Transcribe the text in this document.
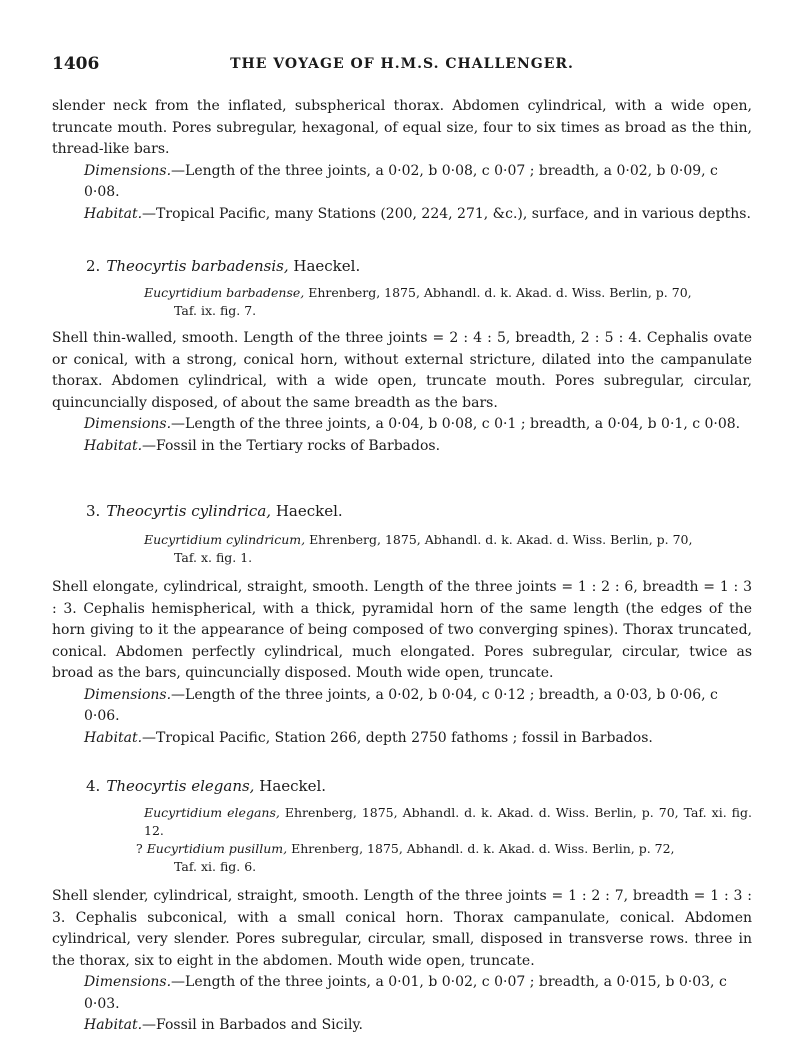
1406	THE VOYAGE OF H.M.S. CHALLENGER.

slender neck from the inflated, subspherical thorax. Abdomen cylindrical, with a wide open, truncate mouth. Pores subregular, hexagonal, of equal size, four to six times as broad as the thin, thread-like bars.

Dimensions.—Length of the three joints, a 0·02, b 0·08, c 0·07 ; breadth, a 0·02, b 0·09, c 0·08.

Habitat.—Tropical Pacific, many Stations (200, 224, 271, &c.), surface, and in various depths.

2. Theocyrtis barbadensis, Haeckel.

Eucyrtidium barbadense, Ehrenberg, 1875, Abhandl. d. k. Akad. d. Wiss. Berlin, p. 70,

Taf. ix. fig. 7.

Shell thin-walled, smooth. Length of the three joints = 2 : 4 : 5, breadth, 2 : 5 : 4. Cephalis ovate or conical, with a strong, conical horn, without external stricture, dilated into the campanulate thorax. Abdomen cylindrical, with a wide open, truncate mouth. Pores subregular, circular, quincuncially disposed, of about the same breadth as the bars.

Dimensions.—Length of the three joints, a 0·04, b 0·08, c 0·1 ; breadth, a 0·04, b 0·1, c 0·08.

Habitat.—Fossil in the Tertiary rocks of Barbados.

3. Theocyrtis cylindrica, Haeckel.

Eucyrtidium cylindricum, Ehrenberg, 1875, Abhandl. d. k. Akad. d. Wiss. Berlin, p. 70,

Taf. x. fig. 1.

Shell elongate, cylindrical, straight, smooth. Length of the three joints = 1 : 2 : 6, breadth = 1 : 3 : 3. Cephalis hemispherical, with a thick, pyramidal horn of the same length (the edges of the horn giving to it the appearance of being composed of two converging spines). Thorax truncated, conical. Abdomen perfectly cylindrical, much elongated. Pores subregular, circular, twice as broad as the bars, quincuncially disposed. Mouth wide open, truncate.

Dimensions.—Length of the three joints, a 0·02, b 0·04, c 0·12 ; breadth, a 0·03, b 0·06, c 0·06.

Habitat.—Tropical Pacific, Station 266, depth 2750 fathoms ; fossil in Barbados.

4. Theocyrtis elegans, Haeckel.

Eucyrtidium elegans, Ehrenberg, 1875, Abhandl. d. k. Akad. d. Wiss. Berlin, p. 70, Taf. xi. fig. 12.

? Eucyrtidium pusillum, Ehrenberg, 1875, Abhandl. d. k. Akad. d. Wiss. Berlin, p. 72,

Taf. xi. fig. 6.

Shell slender, cylindrical, straight, smooth. Length of the three joints = 1 : 2 : 7, breadth = 1 : 3 : 3. Cephalis subconical, with a small conical horn. Thorax campanulate, conical. Abdomen cylindrical, very slender. Pores subregular, circular, small, disposed in transverse rows. three in the thorax, six to eight in the abdomen. Mouth wide open, truncate.

Dimensions.—Length of the three joints, a 0·01, b 0·02, c 0·07 ; breadth, a 0·015, b 0·03, c 0·03.

Habitat.—Fossil in Barbados and Sicily.
